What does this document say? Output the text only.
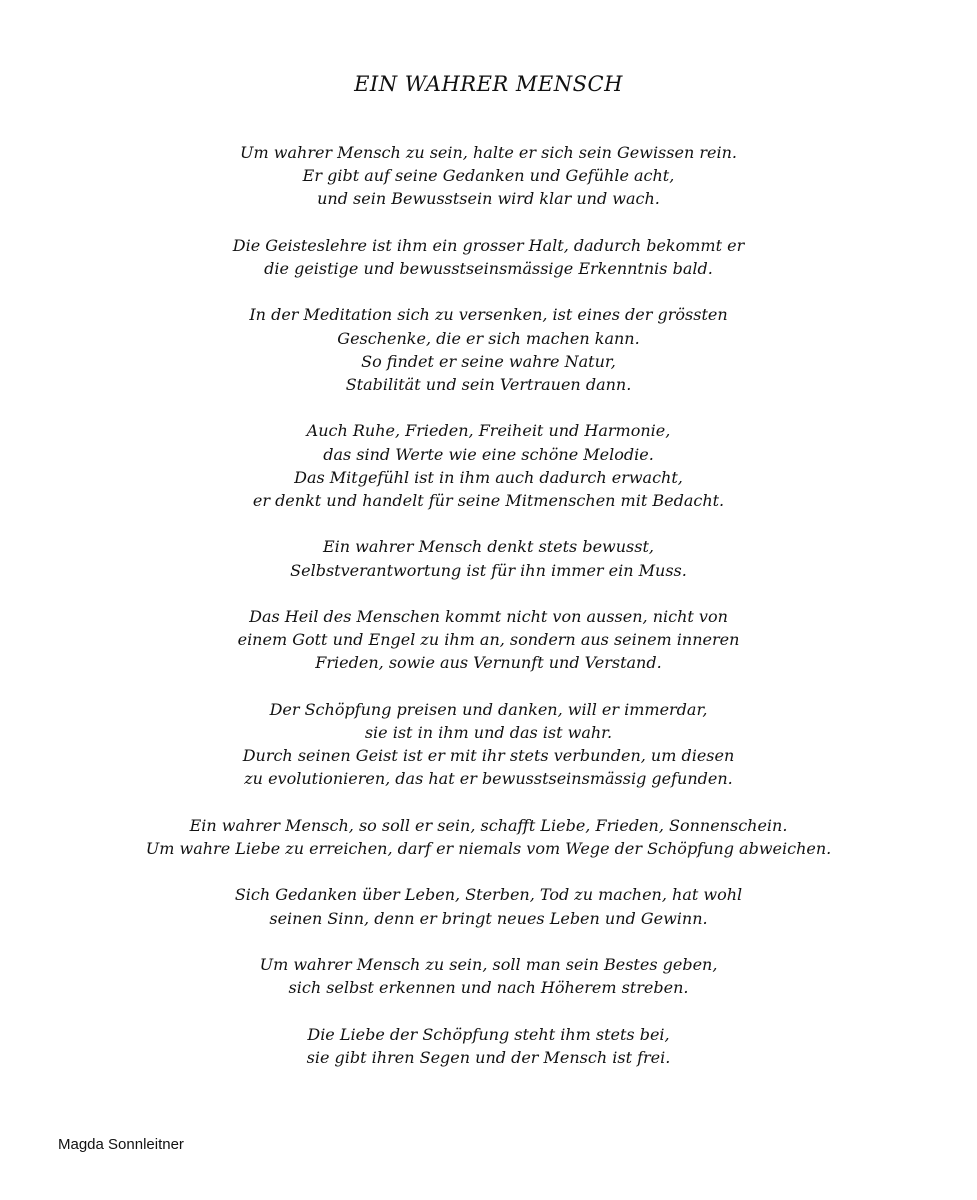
EIN WAHRER MENSCH

Um wahrer Mensch zu sein, halte er sich sein Gewissen rein.
Er gibt auf seine Gedanken und Gefühle acht,
und sein Bewusstsein wird klar und wach.

Die Geisteslehre ist ihm ein grosser Halt, dadurch bekommt er
die geistige und bewusstseinsmässige Erkenntnis bald.

In der Meditation sich zu versenken, ist eines der grössten
Geschenke, die er sich machen kann.
So findet er seine wahre Natur,
Stabilität und sein Vertrauen dann.

Auch Ruhe, Frieden, Freiheit und Harmonie,
das sind Werte wie eine schöne Melodie.
Das Mitgefühl ist in ihm auch dadurch erwacht,
er denkt und handelt für seine Mitmenschen mit Bedacht.

Ein wahrer Mensch denkt stets bewusst,
Selbstverantwortung ist für ihn immer ein Muss.

Das Heil des Menschen kommt nicht von aussen, nicht von
einem Gott und Engel zu ihm an, sondern aus seinem inneren
Frieden, sowie aus Vernunft und Verstand.

Der Schöpfung preisen und danken, will er immerdar,
sie ist in ihm und das ist wahr.
Durch seinen Geist ist er mit ihr stets verbunden, um diesen
zu evolutionieren, das hat er bewusstseinsmässig gefunden.

Ein wahrer Mensch, so soll er sein, schafft Liebe, Frieden, Sonnenschein.
Um wahre Liebe zu erreichen, darf er niemals vom Wege der Schöpfung abweichen.

Sich Gedanken über Leben, Sterben, Tod zu machen, hat wohl
seinen Sinn, denn er bringt neues Leben und Gewinn.

Um wahrer Mensch zu sein, soll man sein Bestes geben,
sich selbst erkennen und nach Höherem streben.

Die Liebe der Schöpfung steht ihm stets bei,
sie gibt ihren Segen und der Mensch ist frei.

Magda Sonnleitner
